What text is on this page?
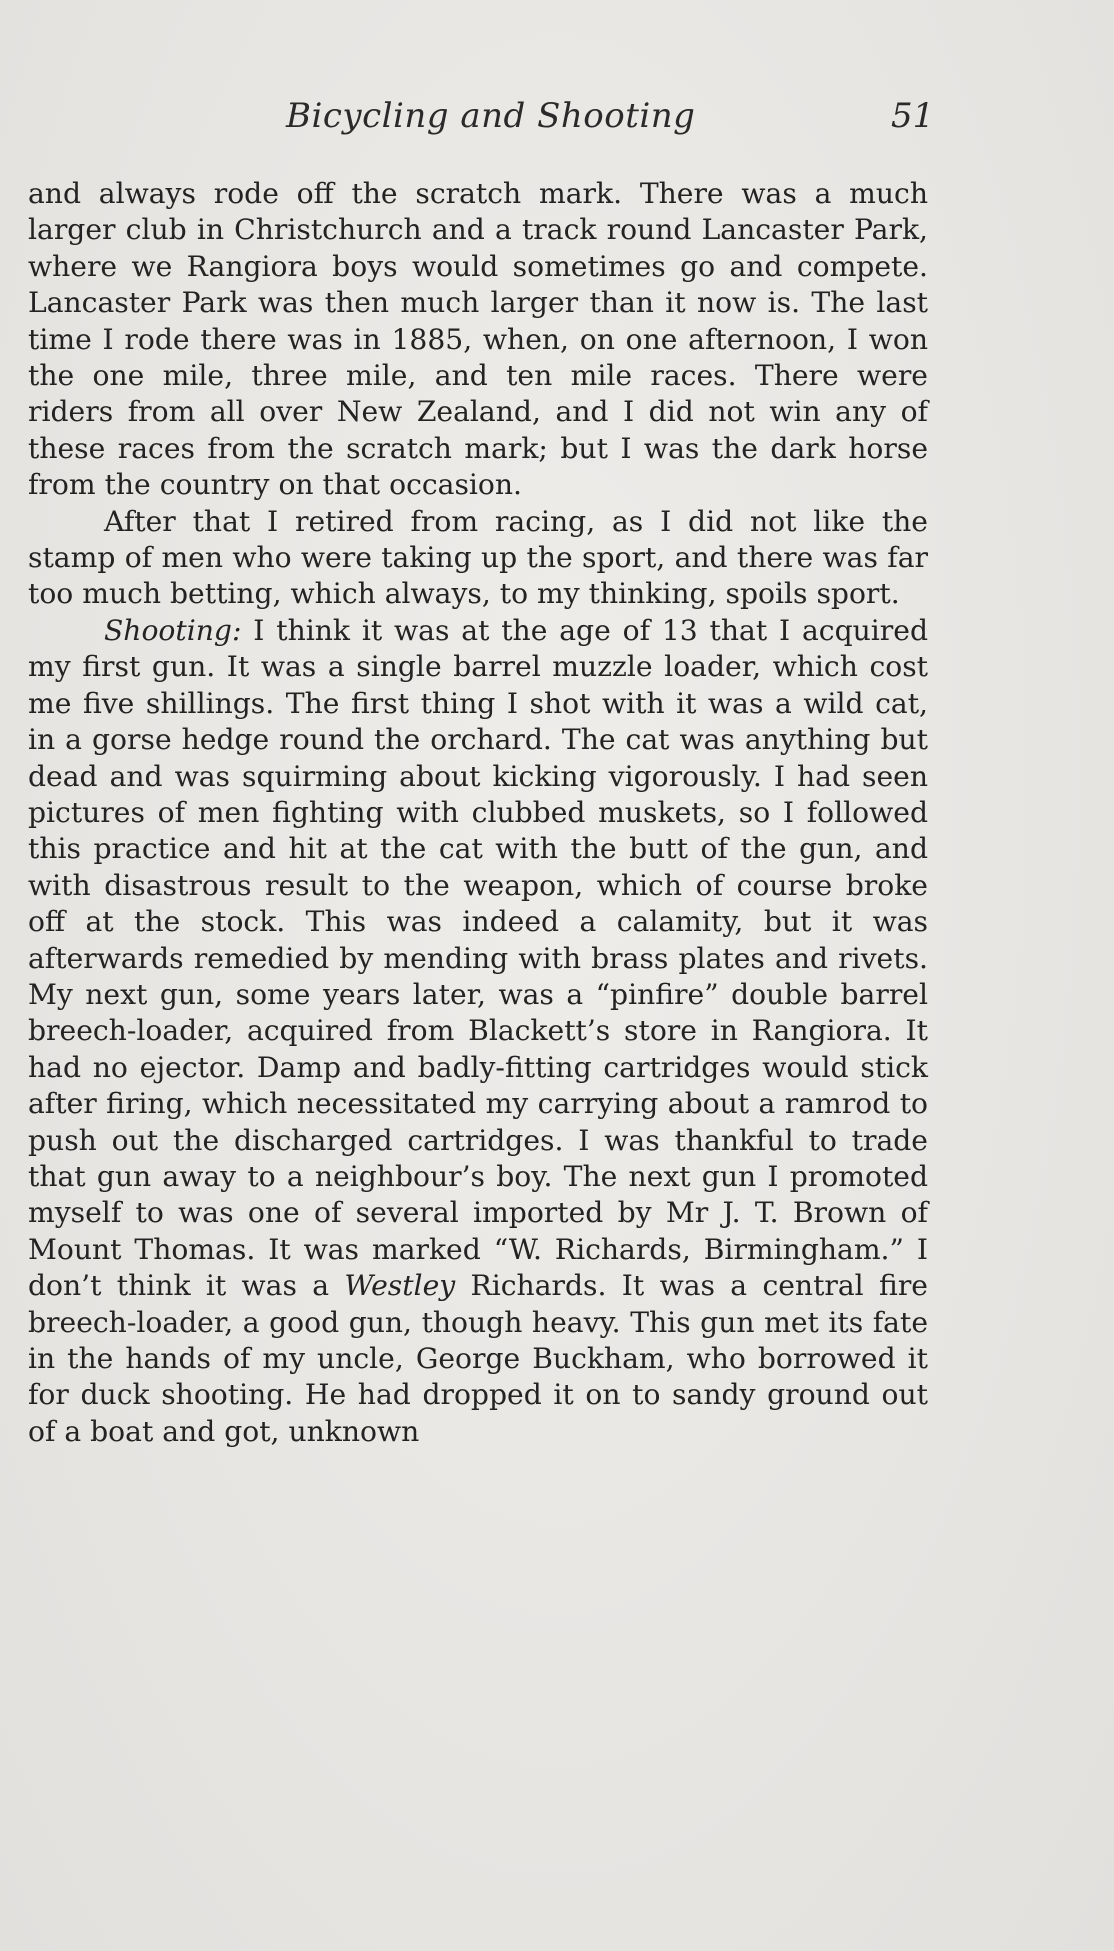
Bicycling and Shooting	51

and always rode off the scratch mark. There was a much larger club in Christchurch and a track round Lancaster Park, where we Rangiora boys would sometimes go and compete. Lancaster Park was then much larger than it now is. The last time I rode there was in 1885, when, on one afternoon, I won the one mile, three mile, and ten mile races. There were riders from all over New Zealand, and I did not win any of these races from the scratch mark; but I was the dark horse from the country on that occasion.

After that I retired from racing, as I did not like the stamp of men who were taking up the sport, and there was far too much betting, which always, to my thinking, spoils sport.

Shooting: I think it was at the age of 13 that I acquired my first gun. It was a single barrel muzzle loader, which cost me five shillings. The first thing I shot with it was a wild cat, in a gorse hedge round the orchard. The cat was anything but dead and was squirming about kicking vigorously. I had seen pictures of men fighting with clubbed muskets, so I followed this practice and hit at the cat with the butt of the gun, and with disastrous result to the weapon, which of course broke off at the stock. This was indeed a calamity, but it was afterwards remedied by mending with brass plates and rivets. My next gun, some years later, was a “pinfire” double barrel breech-loader, acquired from Blackett’s store in Rangiora. It had no ejector. Damp and badly-fitting cartridges would stick after firing, which necessitated my carrying about a ramrod to push out the discharged cartridges. I was thankful to trade that gun away to a neighbour’s boy. The next gun I promoted myself to was one of several imported by Mr J. T. Brown of Mount Thomas. It was marked “W. Richards, Birmingham.” I don’t think it was a Westley Richards. It was a central fire breech-loader, a good gun, though heavy. This gun met its fate in the hands of my uncle, George Buckham, who borrowed it for duck shooting. He had dropped it on to sandy ground out of a boat and got, unknown
